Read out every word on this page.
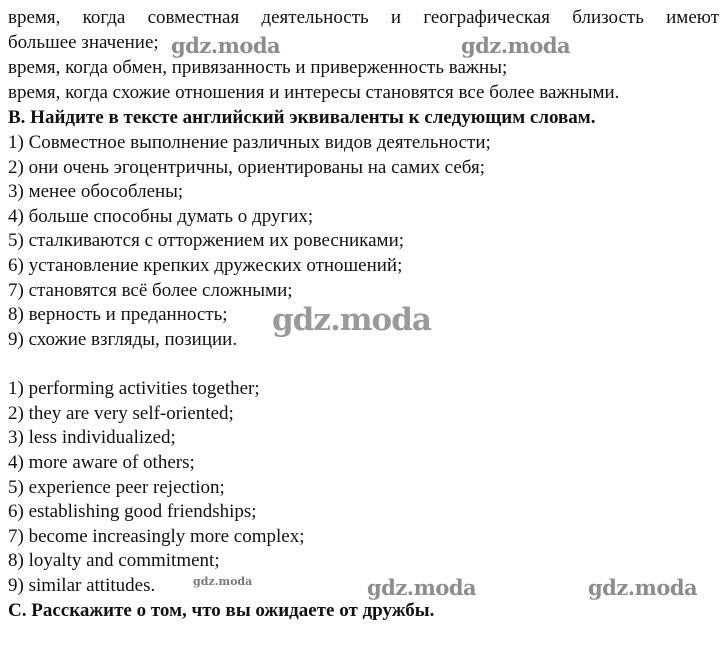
время, когда совместная деятельность и географическая близость имеют
большее значение;
время, когда обмен, привязанность и приверженность важны;
время, когда схожие отношения и интересы становятся все более важными.
B. Найдите в тексте английский эквиваленты к следующим словам.
1) Совместное выполнение различных видов деятельности;
2) они очень эгоцентричны, ориентированы на самих себя;
3) менее обособлены;
4) больше способны думать о других;
5) сталкиваются с отторжением их ровесниками;
6) установление крепких дружеских отношений;
7) становятся всё более сложными;
8) верность и преданность;
9) схожие взгляды, позиции.
1) performing activities together;
2) they are very self-oriented;
3) less individualized;
4) more aware of others;
5) experience peer rejection;
6) establishing good friendships;
7) become increasingly more complex;
8) loyalty and commitment;
9) similar attitudes.
C. Расскажите о том, что вы ожидаете от дружбы.
gdz.moda	gdz.moda
gdz.moda
gdz.moda	gdz.moda	gdz.moda
